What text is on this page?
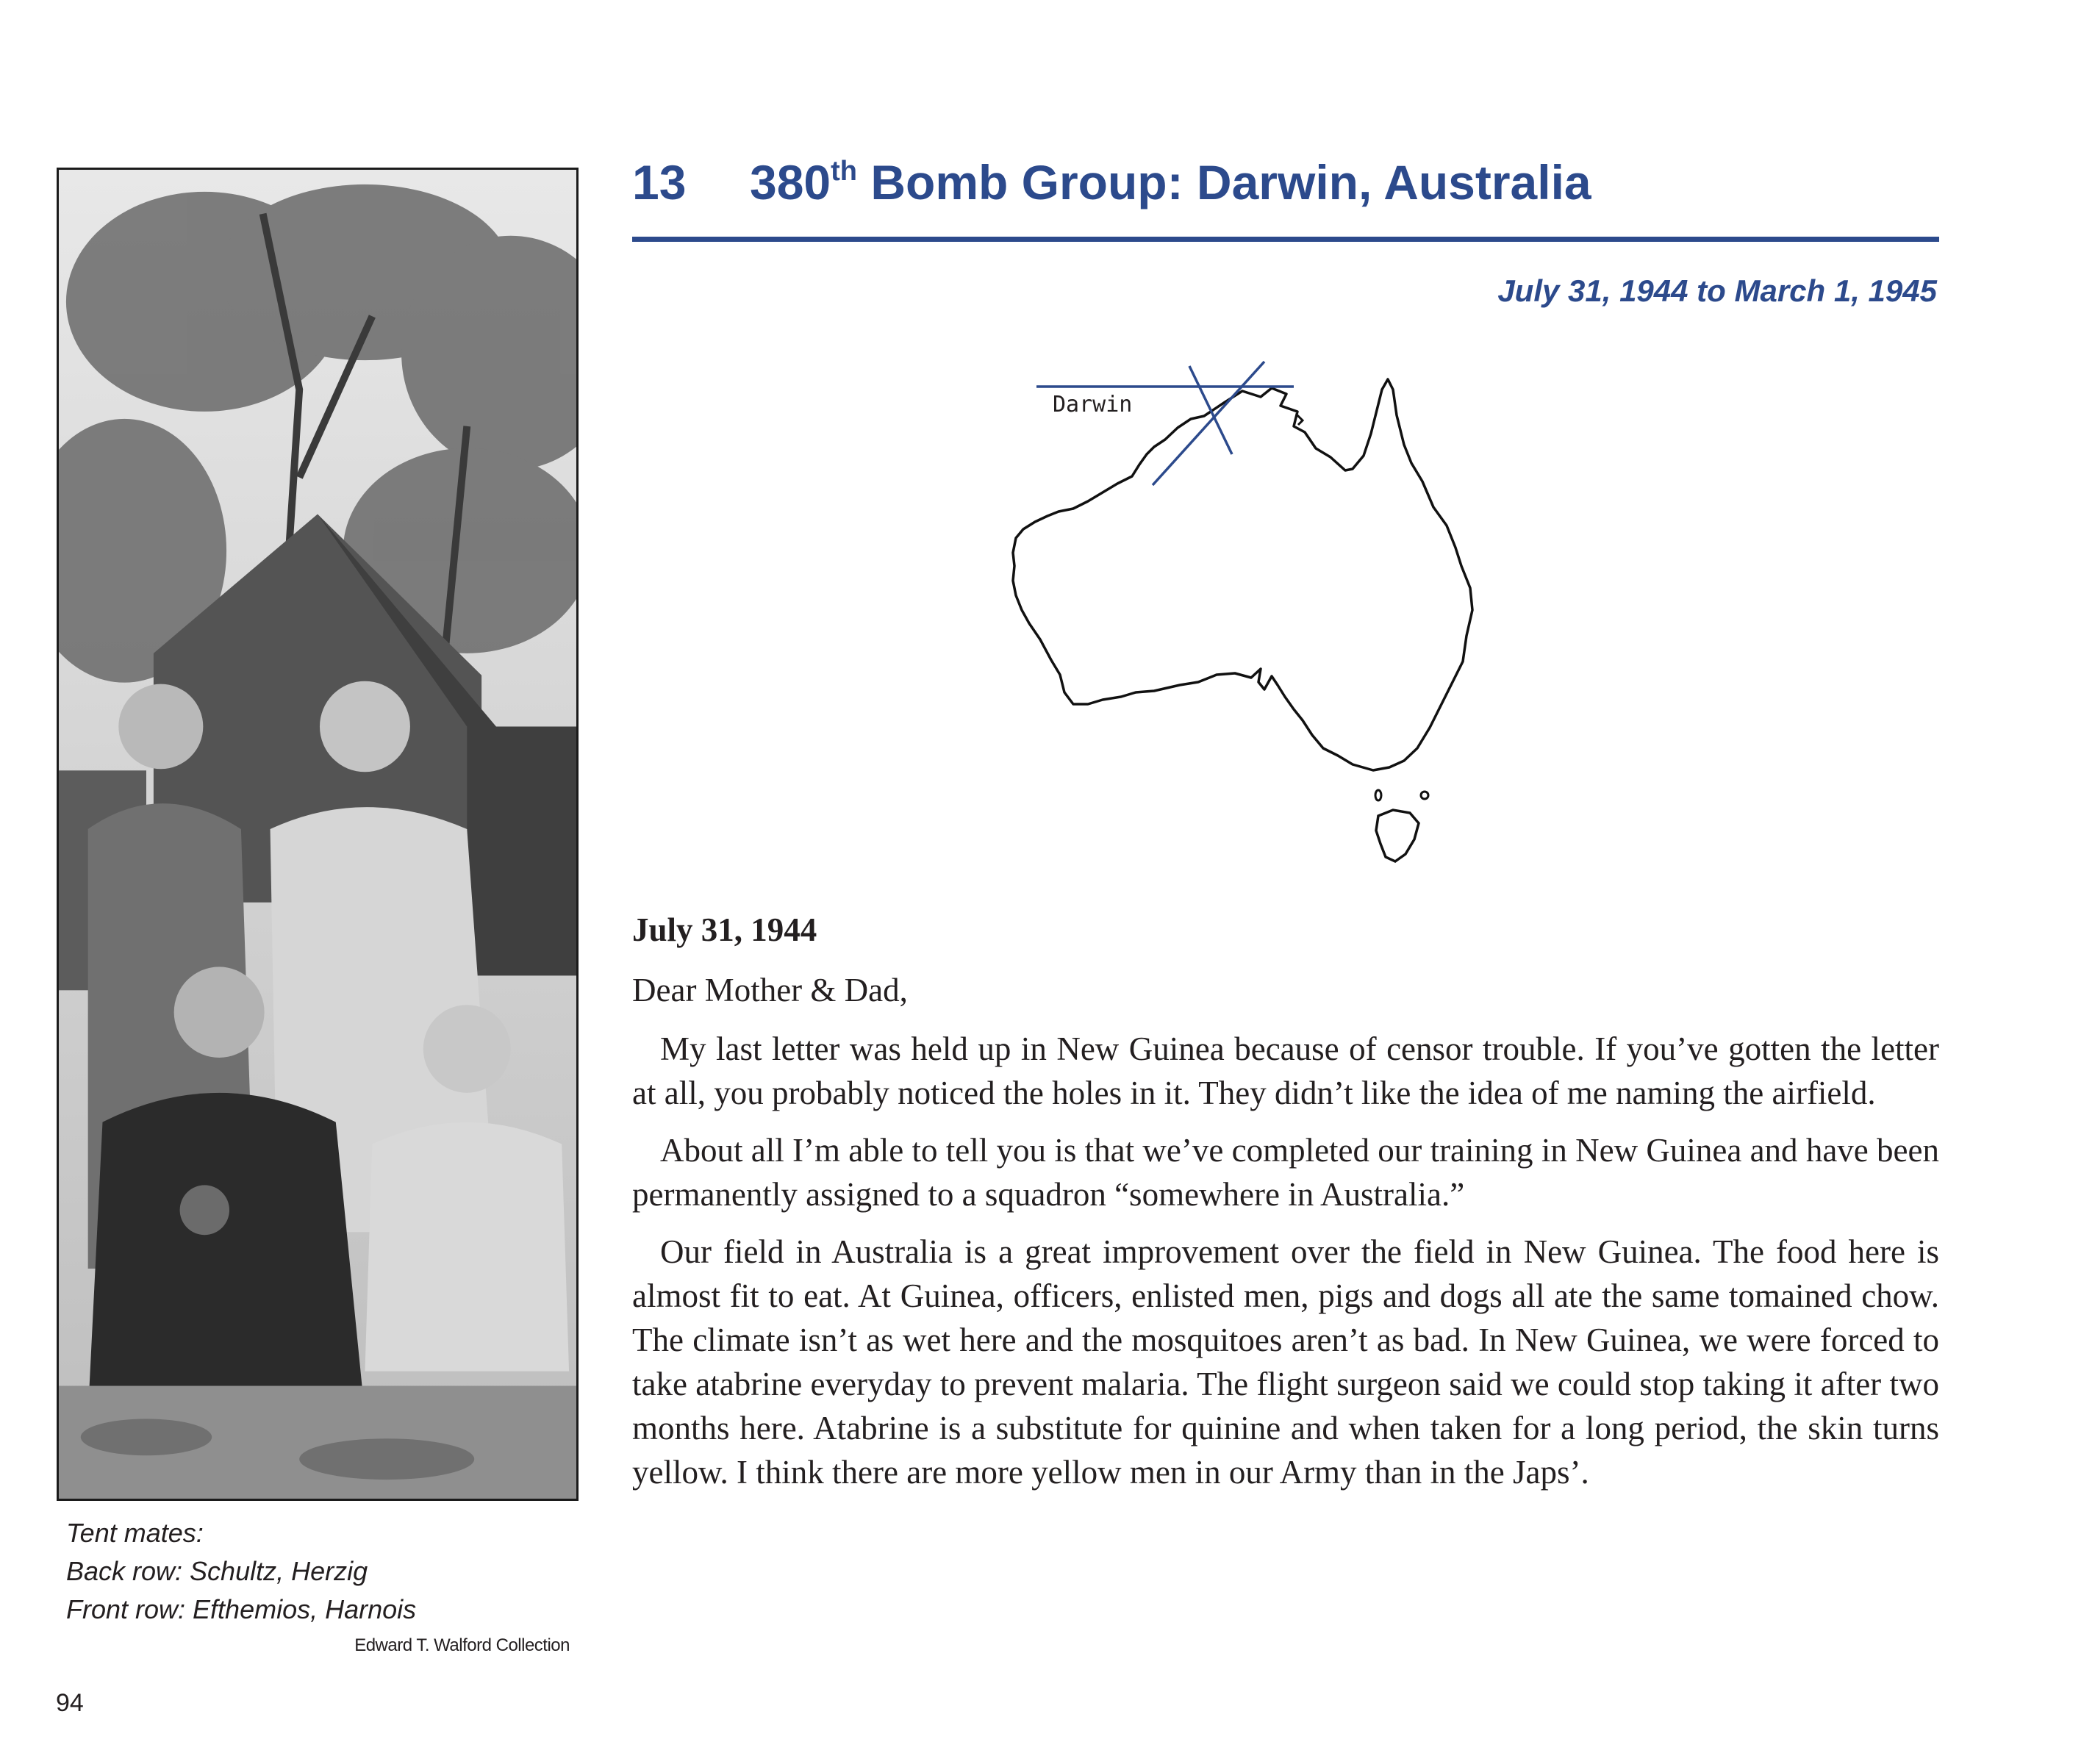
Tent mates:
Back row: Schultz, Herzig
Front row: Efthemios, Harnois
Edward T. Walford Collection
94
13 380th Bomb Group: Darwin, Australia
July 31, 1944 to March 1, 1945
Darwin

July 31, 1944

Dear Mother & Dad,

My last letter was held up in New Guinea because of censor trouble. If you’ve gotten the letter at all, you probably noticed the holes in it. They didn’t like the idea of me naming the airfield.

About all I’m able to tell you is that we’ve completed our training in New Guinea and have been permanently assigned to a squadron “somewhere in Australia.”

Our field in Australia is a great improvement over the field in New Guinea. The food here is almost fit to eat. At Guinea, officers, enlisted men, pigs and dogs all ate the same tomained chow. The climate isn’t as wet here and the mosquitoes aren’t as bad. In New Guinea, we were forced to take atabrine everyday to prevent malaria. The flight surgeon said we could stop taking it after two months here. Atabrine is a substitute for quinine and when taken for a long period, the skin turns yellow. I think there are more yellow men in our Army than in the Japs’.
